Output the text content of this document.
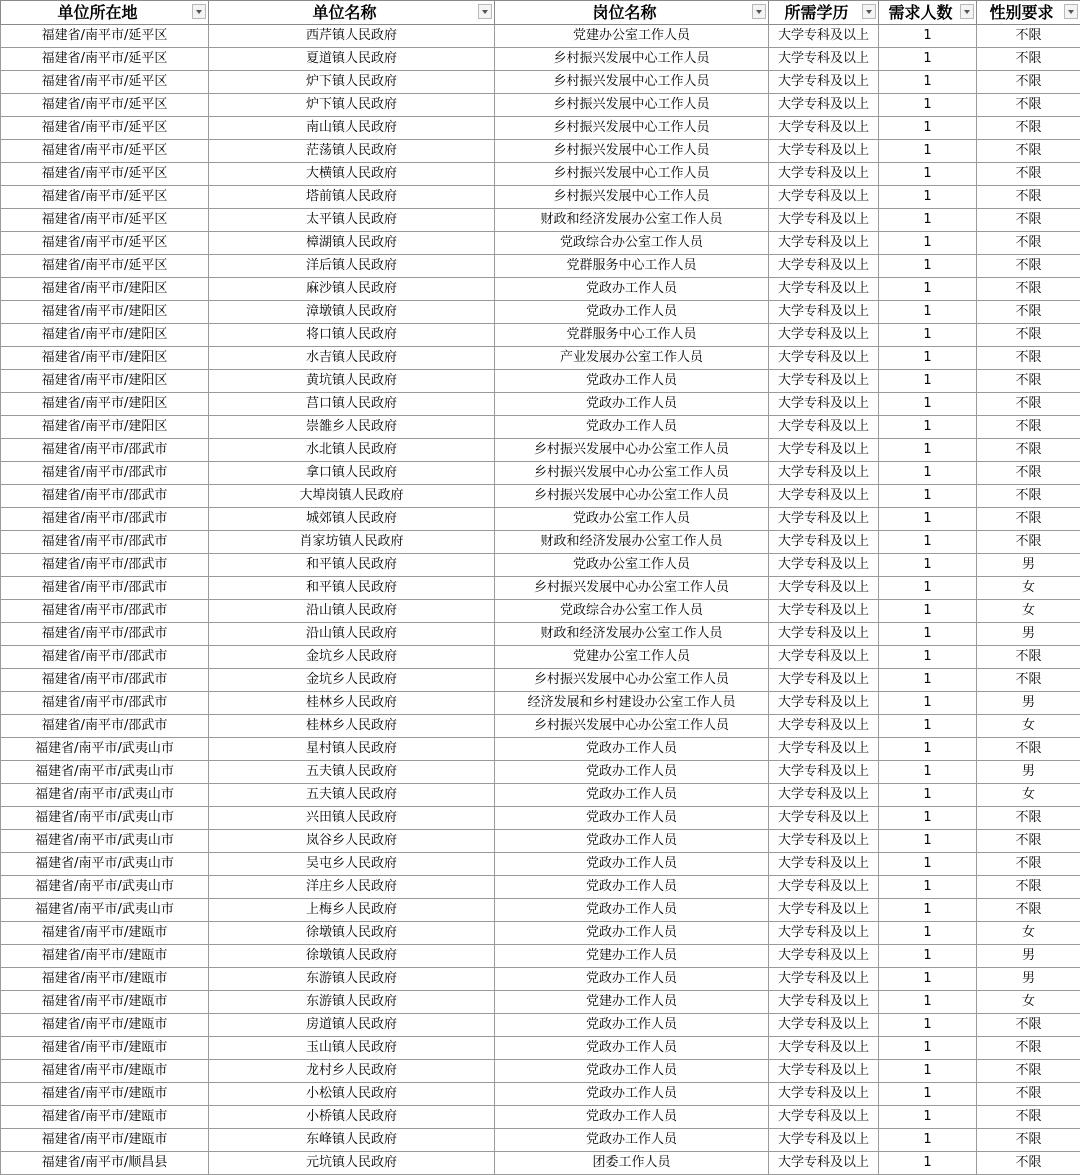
单位所在地	单位名称	岗位名称	所需学历	需求人数	性别要求

福建省/南平市/延平区	西芹镇人民政府	党建办公室工作人员	大学专科及以上	1	不限
福建省/南平市/延平区	夏道镇人民政府	乡村振兴发展中心工作人员	大学专科及以上	1	不限
福建省/南平市/延平区	炉下镇人民政府	乡村振兴发展中心工作人员	大学专科及以上	1	不限
福建省/南平市/延平区	炉下镇人民政府	乡村振兴发展中心工作人员	大学专科及以上	1	不限
福建省/南平市/延平区	南山镇人民政府	乡村振兴发展中心工作人员	大学专科及以上	1	不限
福建省/南平市/延平区	茫荡镇人民政府	乡村振兴发展中心工作人员	大学专科及以上	1	不限
福建省/南平市/延平区	大横镇人民政府	乡村振兴发展中心工作人员	大学专科及以上	1	不限
福建省/南平市/延平区	塔前镇人民政府	乡村振兴发展中心工作人员	大学专科及以上	1	不限
福建省/南平市/延平区	太平镇人民政府	财政和经济发展办公室工作人员	大学专科及以上	1	不限
福建省/南平市/延平区	樟湖镇人民政府	党政综合办公室工作人员	大学专科及以上	1	不限
福建省/南平市/延平区	洋后镇人民政府	党群服务中心工作人员	大学专科及以上	1	不限
福建省/南平市/建阳区	麻沙镇人民政府	党政办工作人员	大学专科及以上	1	不限
福建省/南平市/建阳区	漳墩镇人民政府	党政办工作人员	大学专科及以上	1	不限
福建省/南平市/建阳区	将口镇人民政府	党群服务中心工作人员	大学专科及以上	1	不限
福建省/南平市/建阳区	水吉镇人民政府	产业发展办公室工作人员	大学专科及以上	1	不限
福建省/南平市/建阳区	黄坑镇人民政府	党政办工作人员	大学专科及以上	1	不限
福建省/南平市/建阳区	莒口镇人民政府	党政办工作人员	大学专科及以上	1	不限
福建省/南平市/建阳区	崇雒乡人民政府	党政办工作人员	大学专科及以上	1	不限
福建省/南平市/邵武市	水北镇人民政府	乡村振兴发展中心办公室工作人员	大学专科及以上	1	不限
福建省/南平市/邵武市	拿口镇人民政府	乡村振兴发展中心办公室工作人员	大学专科及以上	1	不限
福建省/南平市/邵武市	大埠岗镇人民政府	乡村振兴发展中心办公室工作人员	大学专科及以上	1	不限
福建省/南平市/邵武市	城郊镇人民政府	党政办公室工作人员	大学专科及以上	1	不限
福建省/南平市/邵武市	肖家坊镇人民政府	财政和经济发展办公室工作人员	大学专科及以上	1	不限
福建省/南平市/邵武市	和平镇人民政府	党政办公室工作人员	大学专科及以上	1	男
福建省/南平市/邵武市	和平镇人民政府	乡村振兴发展中心办公室工作人员	大学专科及以上	1	女
福建省/南平市/邵武市	沿山镇人民政府	党政综合办公室工作人员	大学专科及以上	1	女
福建省/南平市/邵武市	沿山镇人民政府	财政和经济发展办公室工作人员	大学专科及以上	1	男
福建省/南平市/邵武市	金坑乡人民政府	党建办公室工作人员	大学专科及以上	1	不限
福建省/南平市/邵武市	金坑乡人民政府	乡村振兴发展中心办公室工作人员	大学专科及以上	1	不限
福建省/南平市/邵武市	桂林乡人民政府	经济发展和乡村建设办公室工作人员	大学专科及以上	1	男
福建省/南平市/邵武市	桂林乡人民政府	乡村振兴发展中心办公室工作人员	大学专科及以上	1	女
福建省/南平市/武夷山市	星村镇人民政府	党政办工作人员	大学专科及以上	1	不限
福建省/南平市/武夷山市	五夫镇人民政府	党政办工作人员	大学专科及以上	1	男
福建省/南平市/武夷山市	五夫镇人民政府	党政办工作人员	大学专科及以上	1	女
福建省/南平市/武夷山市	兴田镇人民政府	党政办工作人员	大学专科及以上	1	不限
福建省/南平市/武夷山市	岚谷乡人民政府	党政办工作人员	大学专科及以上	1	不限
福建省/南平市/武夷山市	吴屯乡人民政府	党政办工作人员	大学专科及以上	1	不限
福建省/南平市/武夷山市	洋庄乡人民政府	党政办工作人员	大学专科及以上	1	不限
福建省/南平市/武夷山市	上梅乡人民政府	党政办工作人员	大学专科及以上	1	不限
福建省/南平市/建瓯市	徐墩镇人民政府	党政办工作人员	大学专科及以上	1	女
福建省/南平市/建瓯市	徐墩镇人民政府	党建办工作人员	大学专科及以上	1	男
福建省/南平市/建瓯市	东游镇人民政府	党政办工作人员	大学专科及以上	1	男
福建省/南平市/建瓯市	东游镇人民政府	党建办工作人员	大学专科及以上	1	女
福建省/南平市/建瓯市	房道镇人民政府	党政办工作人员	大学专科及以上	1	不限
福建省/南平市/建瓯市	玉山镇人民政府	党政办工作人员	大学专科及以上	1	不限
福建省/南平市/建瓯市	龙村乡人民政府	党政办工作人员	大学专科及以上	1	不限
福建省/南平市/建瓯市	小松镇人民政府	党政办工作人员	大学专科及以上	1	不限
福建省/南平市/建瓯市	小桥镇人民政府	党政办工作人员	大学专科及以上	1	不限
福建省/南平市/建瓯市	东峰镇人民政府	党政办工作人员	大学专科及以上	1	不限
福建省/南平市/顺昌县	元坑镇人民政府	团委工作人员	大学专科及以上	1	不限
